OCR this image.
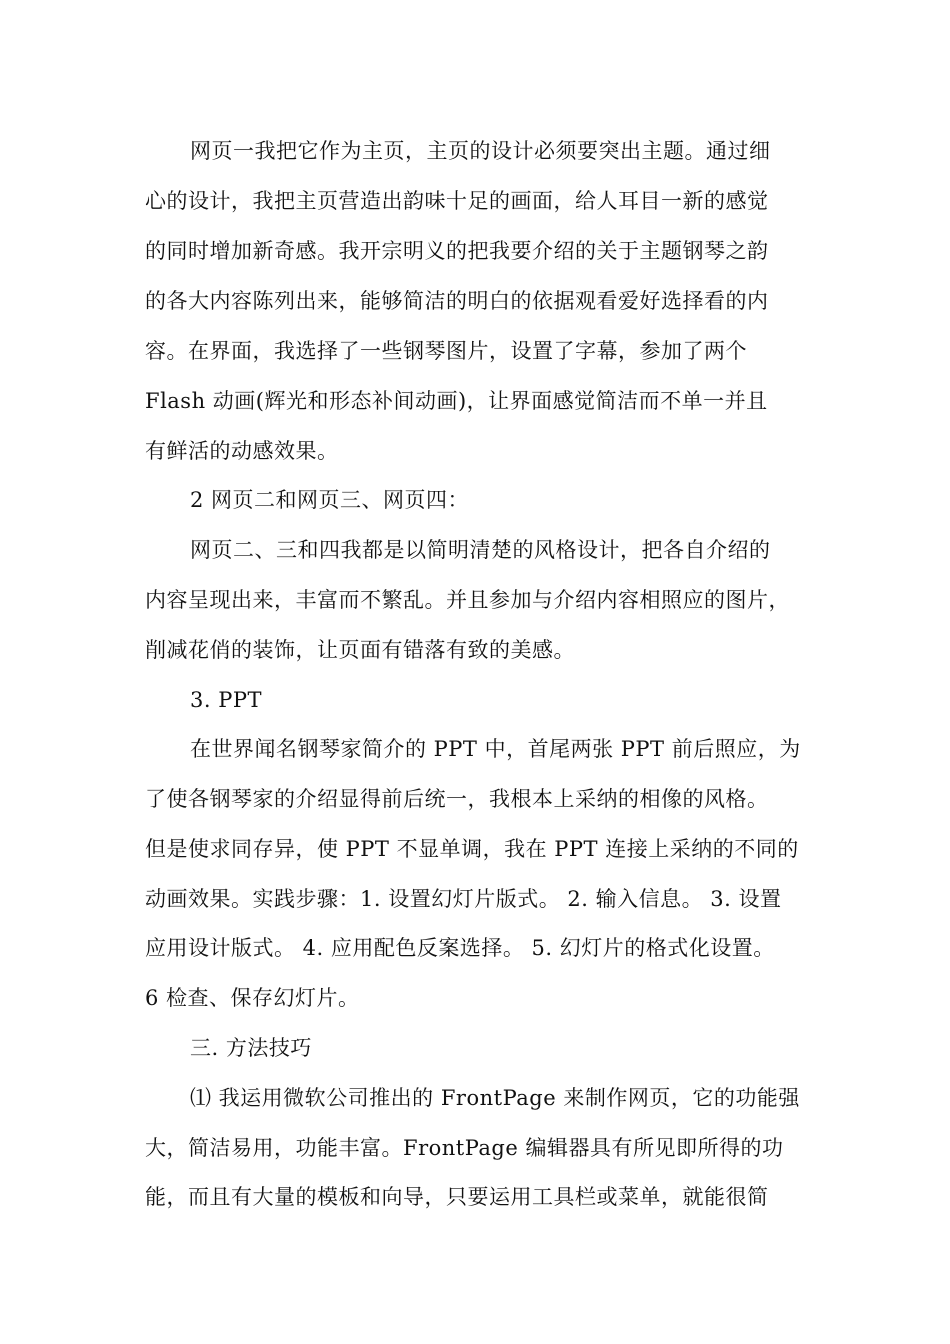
网页一我把它作为主页，主页的设计必须要突出主题。通过细
心的设计，我把主页营造出韵味十足的画面，给人耳目一新的感觉
的同时增加新奇感。我开宗明义的把我要介绍的关于主题钢琴之韵
的各大内容陈列出来，能够简洁的明白的依据观看爱好选择看的内
容。在界面，我选择了一些钢琴图片，设置了字幕，参加了两个
Flash 动画(辉光和形态补间动画)，让界面感觉简洁而不单一并且
有鲜活的动感效果。
2 网页二和网页三、网页四：
网页二、三和四我都是以简明清楚的风格设计，把各自介绍的
内容呈现出来，丰富而不繁乱。并且参加与介绍内容相照应的图片，
削减花俏的装饰，让页面有错落有致的美感。
3. PPT
在世界闻名钢琴家简介的 PPT 中，首尾两张 PPT 前后照应，为
了使各钢琴家的介绍显得前后统一，我根本上采纳的相像的风格。
但是使求同存异，使 PPT 不显单调，我在 PPT 连接上采纳的不同的
动画效果。实践步骤：1. 设置幻灯片版式。 2. 输入信息。 3. 设置
应用设计版式。 4. 应用配色反案选择。 5. 幻灯片的格式化设置。
6 检查、保存幻灯片。
三. 方法技巧
⑴ 我运用微软公司推出的 FrontPage 来制作网页，它的功能强
大，简洁易用，功能丰富。FrontPage 编辑器具有所见即所得的功
能，而且有大量的模板和向导，只要运用工具栏或菜单，就能很简
